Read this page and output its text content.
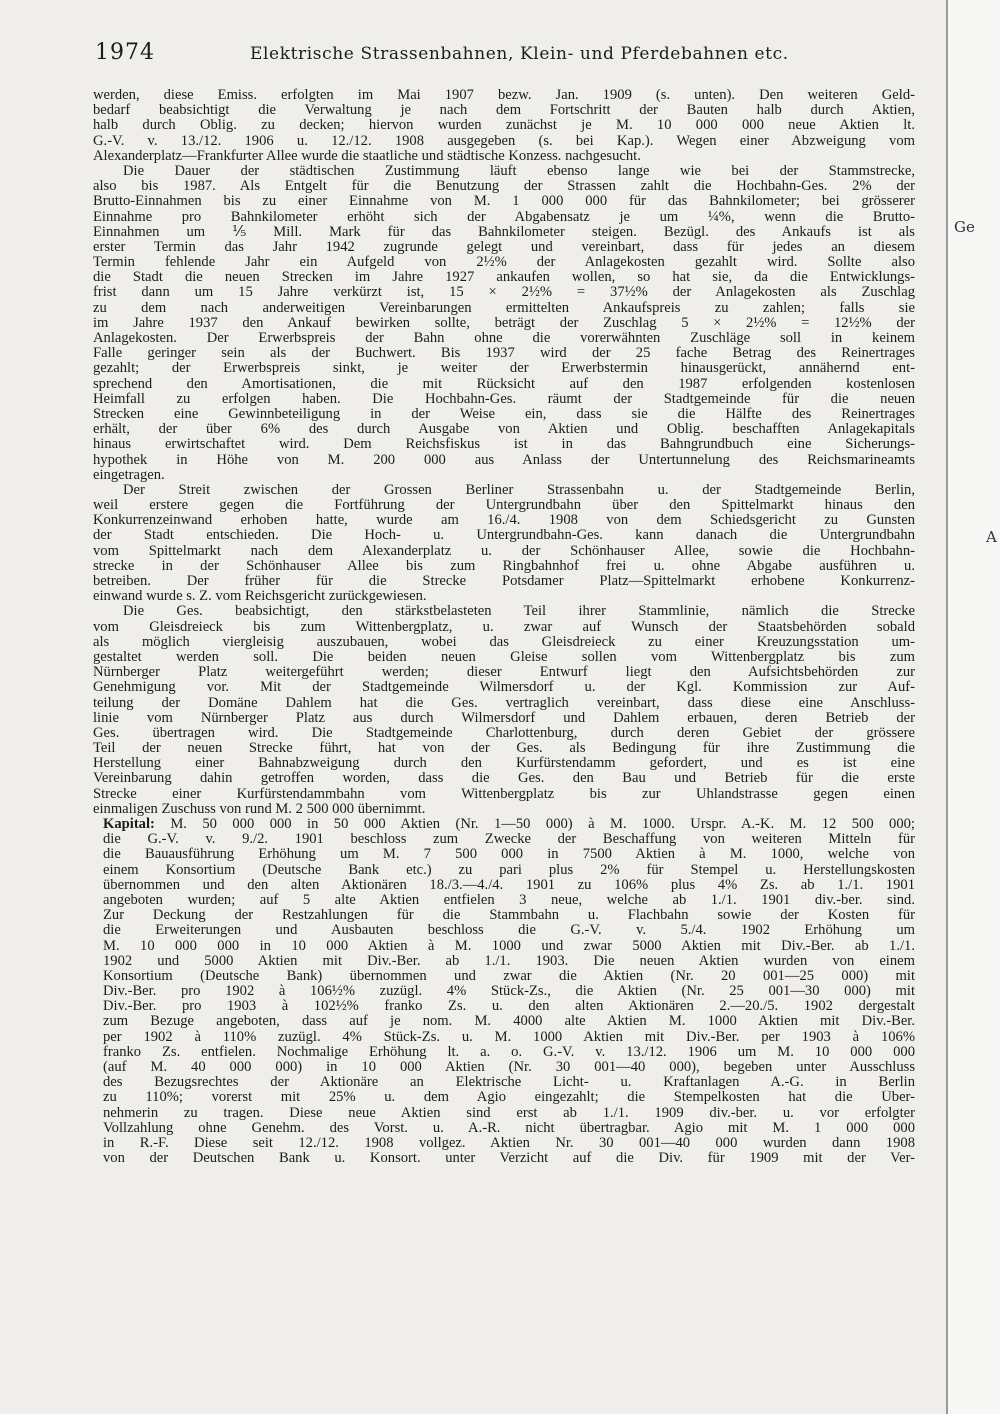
Ge
A
1974	Elektrische Strassenbahnen, Klein- und Pferdebahnen etc.
werden, diese Emiss. erfolgten im Mai 1907 bezw. Jan. 1909 (s. unten). Den weiteren Geld-
bedarf beabsichtigt die Verwaltung je nach dem Fortschritt der Bauten halb durch Aktien,
halb durch Oblig. zu decken; hiervon wurden zunächst je M. 10 000 000 neue Aktien lt.
G.-V. v. 13./12. 1906 u. 12./12. 1908 ausgegeben (s. bei Kap.). Wegen einer Abzweigung vom
Alexanderplatz—Frankfurter Allee wurde die staatliche und städtische Konzess. nachgesucht.
Die Dauer der städtischen Zustimmung läuft ebenso lange wie bei der Stammstrecke,
also bis 1987. Als Entgelt für die Benutzung der Strassen zahlt die Hochbahn-Ges. 2% der
Brutto-Einnahmen bis zu einer Einnahme von M. 1 000 000 für das Bahnkilometer; bei grösserer
Einnahme pro Bahnkilometer erhöht sich der Abgabensatz je um ¼%, wenn die Brutto-
Einnahmen um ⅕ Mill. Mark für das Bahnkilometer steigen. Bezügl. des Ankaufs ist als
erster Termin das Jahr 1942 zugrunde gelegt und vereinbart, dass für jedes an diesem
Termin fehlende Jahr ein Aufgeld von 2½% der Anlagekosten gezahlt wird. Sollte also
die Stadt die neuen Strecken im Jahre 1927 ankaufen wollen, so hat sie, da die Entwicklungs-
frist dann um 15 Jahre verkürzt ist, 15 × 2½% = 37½% der Anlagekosten als Zuschlag
zu dem nach anderweitigen Vereinbarungen ermittelten Ankaufspreis zu zahlen; falls sie
im Jahre 1937 den Ankauf bewirken sollte, beträgt der Zuschlag 5 × 2½% = 12½% der
Anlagekosten. Der Erwerbspreis der Bahn ohne die vorerwähnten Zuschläge soll in keinem
Falle geringer sein als der Buchwert. Bis 1937 wird der 25 fache Betrag des Reinertrages
gezahlt; der Erwerbspreis sinkt, je weiter der Erwerbstermin hinausgerückt, annähernd ent-
sprechend den Amortisationen, die mit Rücksicht auf den 1987 erfolgenden kostenlosen
Heimfall zu erfolgen haben. Die Hochbahn-Ges. räumt der Stadtgemeinde für die neuen
Strecken eine Gewinnbeteiligung in der Weise ein, dass sie die Hälfte des Reinertrages
erhält, der über 6% des durch Ausgabe von Aktien und Oblig. beschafften Anlagekapitals
hinaus erwirtschaftet wird. Dem Reichsfiskus ist in das Bahngrundbuch eine Sicherungs-
hypothek in Höhe von M. 200 000 aus Anlass der Untertunnelung des Reichsmarineamts
eingetragen.
Der Streit zwischen der Grossen Berliner Strassenbahn u. der Stadtgemeinde Berlin,
weil erstere gegen die Fortführung der Untergrundbahn über den Spittelmarkt hinaus den
Konkurrenzeinwand erhoben hatte, wurde am 16./4. 1908 von dem Schiedsgericht zu Gunsten
der Stadt entschieden. Die Hoch- u. Untergrundbahn-Ges. kann danach die Untergrundbahn
vom Spittelmarkt nach dem Alexanderplatz u. der Schönhauser Allee, sowie die Hochbahn-
strecke in der Schönhauser Allee bis zum Ringbahnhof frei u. ohne Abgabe ausführen u.
betreiben. Der früher für die Strecke Potsdamer Platz—Spittelmarkt erhobene Konkurrenz-
einwand wurde s. Z. vom Reichsgericht zurückgewiesen.
Die Ges. beabsichtigt, den stärkstbelasteten Teil ihrer Stammlinie, nämlich die Strecke
vom Gleisdreieck bis zum Wittenbergplatz, u. zwar auf Wunsch der Staatsbehörden sobald
als möglich viergleisig auszubauen, wobei das Gleisdreieck zu einer Kreuzungsstation um-
gestaltet werden soll. Die beiden neuen Gleise sollen vom Wittenbergplatz bis zum
Nürnberger Platz weitergeführt werden; dieser Entwurf liegt den Aufsichtsbehörden zur
Genehmigung vor. Mit der Stadtgemeinde Wilmersdorf u. der Kgl. Kommission zur Auf-
teilung der Domäne Dahlem hat die Ges. vertraglich vereinbart, dass diese eine Anschluss-
linie vom Nürnberger Platz aus durch Wilmersdorf und Dahlem erbauen, deren Betrieb der
Ges. übertragen wird. Die Stadtgemeinde Charlottenburg, durch deren Gebiet der grössere
Teil der neuen Strecke führt, hat von der Ges. als Bedingung für ihre Zustimmung die
Herstellung einer Bahnabzweigung durch den Kurfürstendamm gefordert, und es ist eine
Vereinbarung dahin getroffen worden, dass die Ges. den Bau und Betrieb für die erste
Strecke einer Kurfürstendammbahn vom Wittenbergplatz bis zur Uhlandstrasse gegen einen
einmaligen Zuschuss von rund M. 2 500 000 übernimmt.
Kapital: M. 50 000 000 in 50 000 Aktien (Nr. 1—50 000) à M. 1000. Urspr. A.-K. M. 12 500 000;
die G.-V. v. 9./2. 1901 beschloss zum Zwecke der Beschaffung von weiteren Mitteln für
die Bauausführung Erhöhung um M. 7 500 000 in 7500 Aktien à M. 1000, welche von
einem Konsortium (Deutsche Bank etc.) zu pari plus 2% für Stempel u. Herstellungskosten
übernommen und den alten Aktionären 18./3.—4./4. 1901 zu 106% plus 4% Zs. ab 1./1. 1901
angeboten wurden; auf 5 alte Aktien entfielen 3 neue, welche ab 1./1. 1901 div.-ber. sind.
Zur Deckung der Restzahlungen für die Stammbahn u. Flachbahn sowie der Kosten für
die Erweiterungen und Ausbauten beschloss die G.-V. v. 5./4. 1902 Erhöhung um
M. 10 000 000 in 10 000 Aktien à M. 1000 und zwar 5000 Aktien mit Div.-Ber. ab 1./1.
1902 und 5000 Aktien mit Div.-Ber. ab 1./1. 1903. Die neuen Aktien wurden von einem
Konsortium (Deutsche Bank) übernommen und zwar die Aktien (Nr. 20 001—25 000) mit
Div.-Ber. pro 1902 à 106½% zuzügl. 4% Stück-Zs., die Aktien (Nr. 25 001—30 000) mit
Div.-Ber. pro 1903 à 102½% franko Zs. u. den alten Aktionären 2.—20./5. 1902 dergestalt
zum Bezuge angeboten, dass auf je nom. M. 4000 alte Aktien M. 1000 Aktien mit Div.-Ber.
per 1902 à 110% zuzügl. 4% Stück-Zs. u. M. 1000 Aktien mit Div.-Ber. per 1903 à 106%
franko Zs. entfielen. Nochmalige Erhöhung lt. a. o. G.-V. v. 13./12. 1906 um M. 10 000 000
(auf M. 40 000 000) in 10 000 Aktien (Nr. 30 001—40 000), begeben unter Ausschluss
des Bezugsrechtes der Aktionäre an Elektrische Licht- u. Kraftanlagen A.-G. in Berlin
zu 110%; vorerst mit 25% u. dem Agio eingezahlt; die Stempelkosten hat die Über-
nehmerin zu tragen. Diese neue Aktien sind erst ab 1./1. 1909 div.-ber. u. vor erfolgter
Vollzahlung ohne Genehm. des Vorst. u. A.-R. nicht übertragbar. Agio mit M. 1 000 000
in R.-F. Diese seit 12./12. 1908 vollgez. Aktien Nr. 30 001—40 000 wurden dann 1908
von der Deutschen Bank u. Konsort. unter Verzicht auf die Div. für 1909 mit der Ver-
